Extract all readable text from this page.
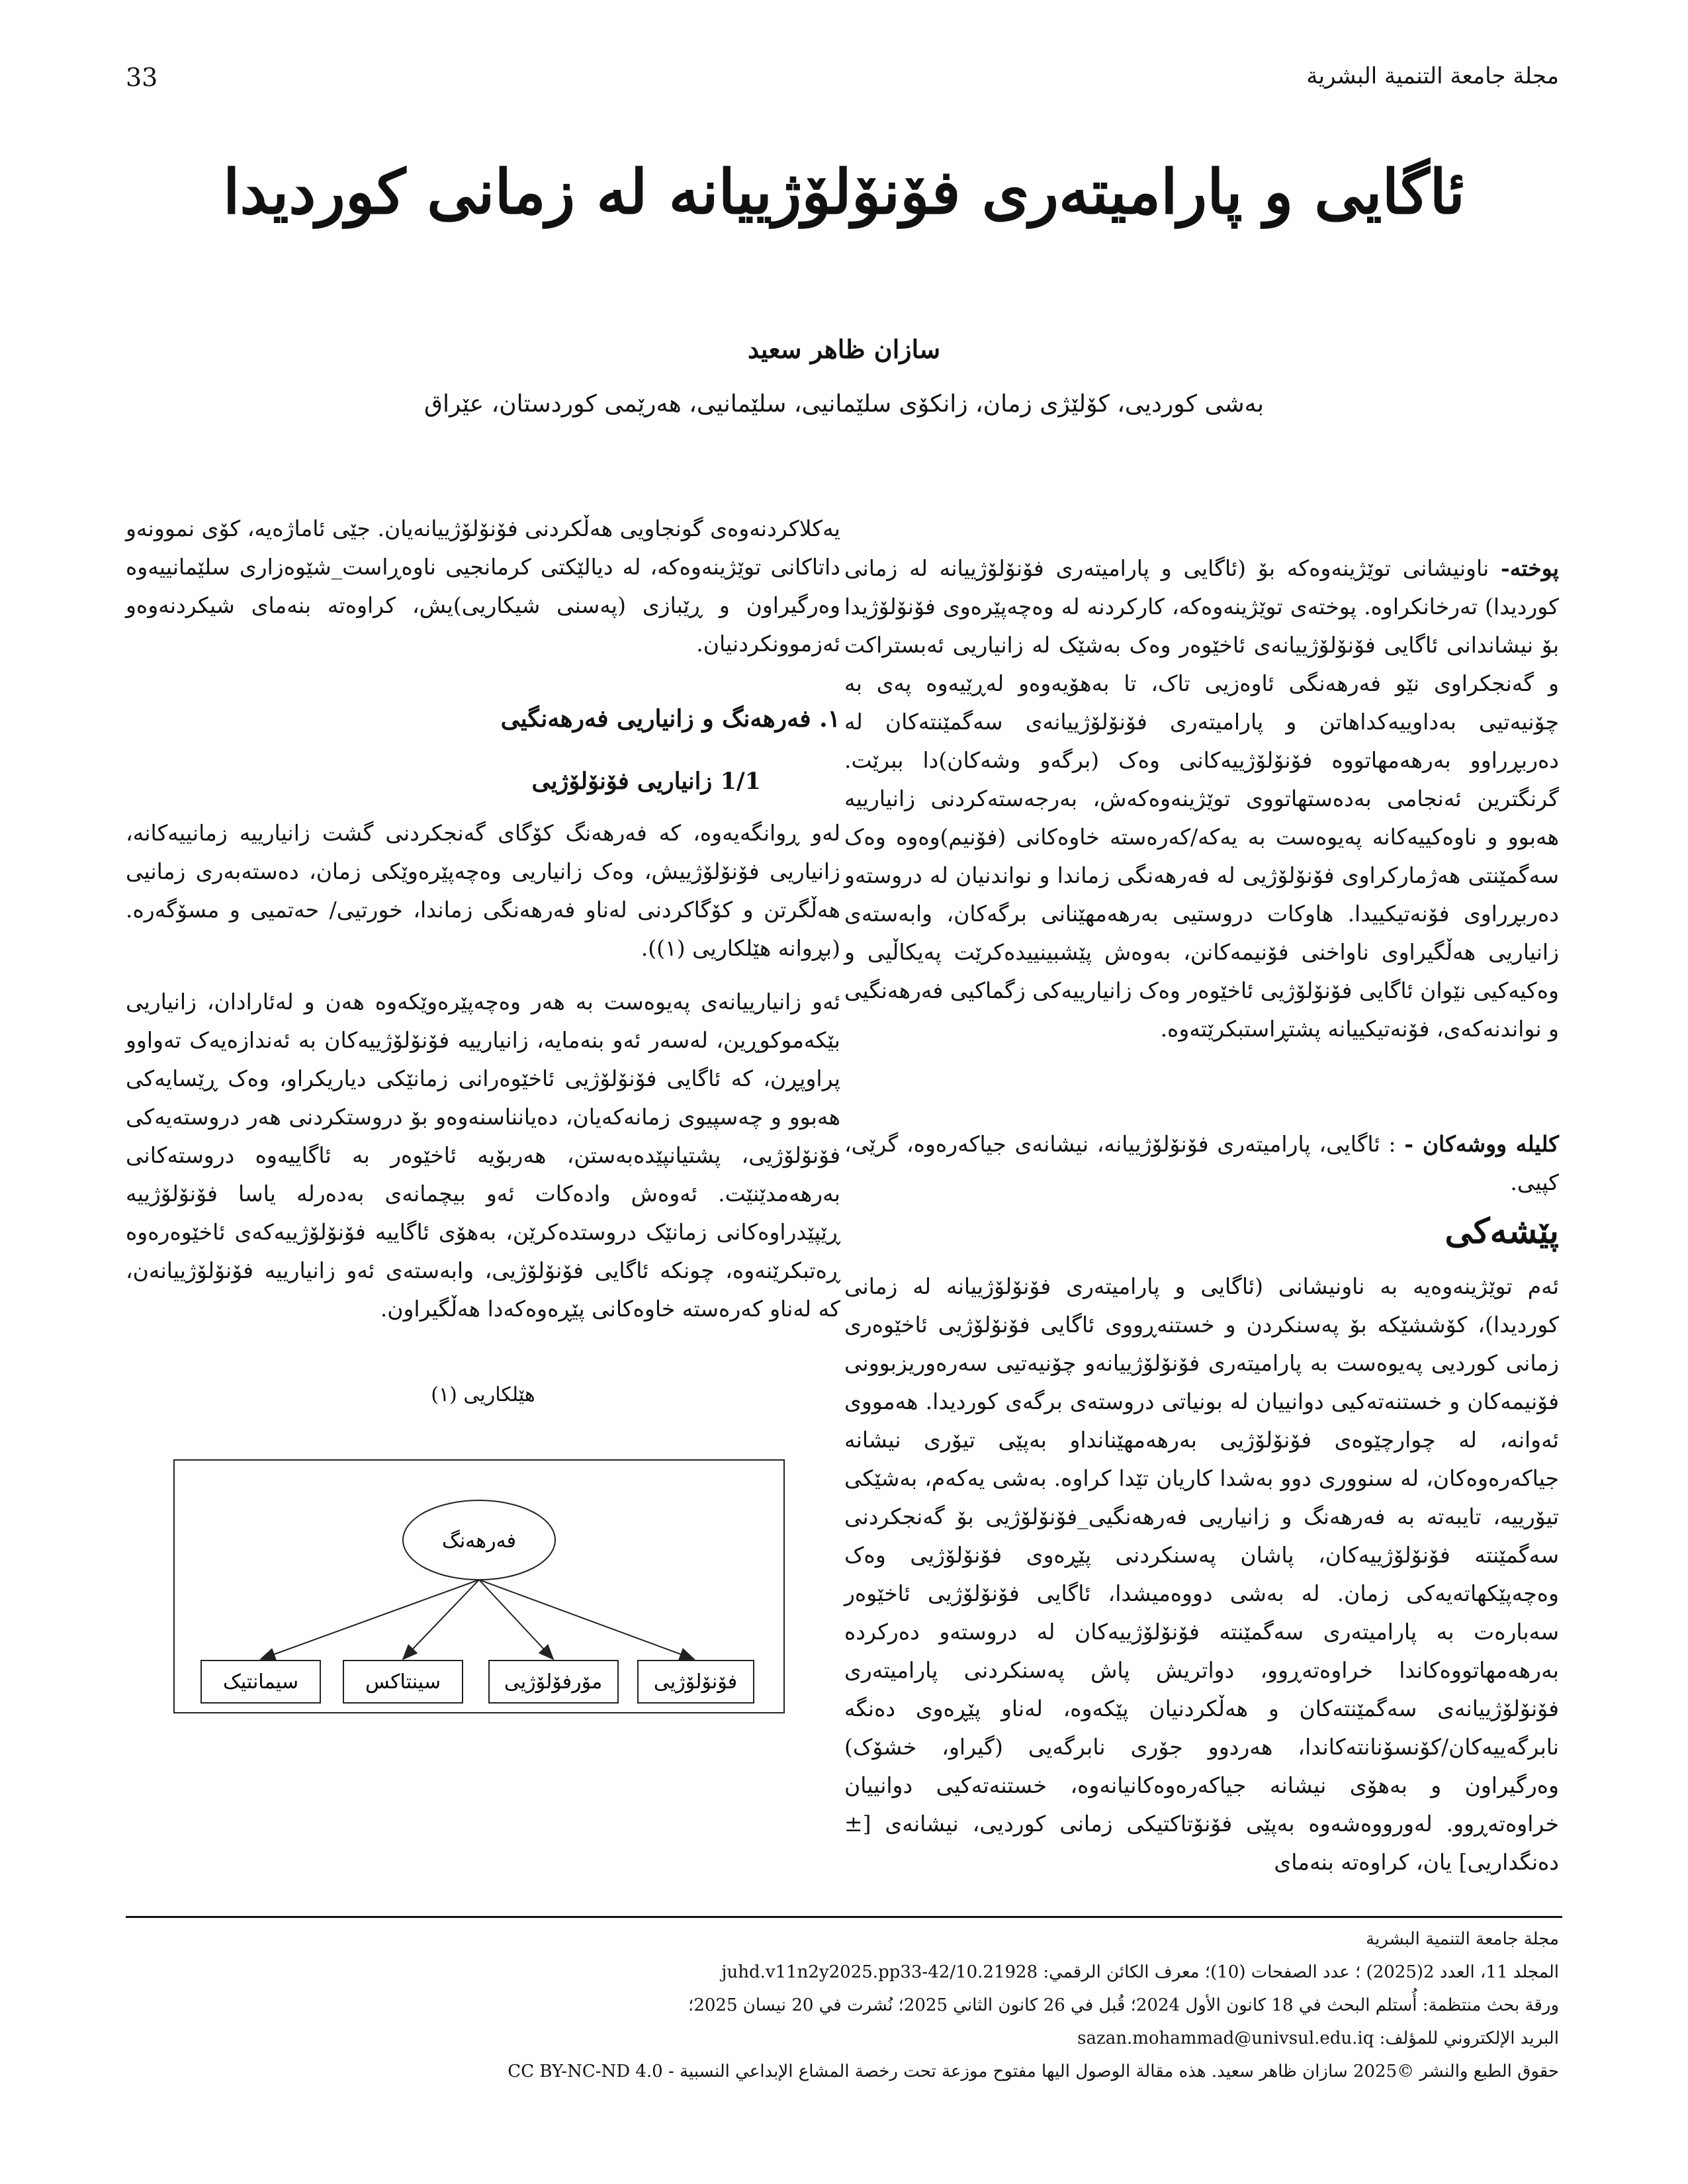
33	مجلة جامعة التنمية البشرية
ئاگایی و پارامیتەری فۆنۆلۆژییانە لە زمانی کوردیدا
سازان ظاهر سعيد
بەشی کوردیی، کۆلێژی زمان، زانکۆی سلێمانیی، سلێمانیی، هەرێمی کوردستان، عێراق

پوختە- ناونیشانی توێژینەوەکە بۆ (ئاگایی و پارامیتەری فۆنۆلۆژییانە لە زمانی کوردیدا) تەرخانکراوە. پوختەی توێژینەوەکە، کارکردنە لە وەچەپێرەوی فۆنۆلۆژیدا بۆ نیشاندانی ئاگایی فۆنۆلۆژییانەی ئاخێوەر وەک بەشێک لە زانیاریی ئەبستراکت و گەنجکراوی نێو فەرهەنگی ئاوەزیی تاک، تا بەهۆیەوەو لەڕێیەوە پەی بە چۆنیەتیی بەداوییەکداهاتن و پارامیتەری فۆنۆلۆژییانەی سەگمێنتەکان لە دەربڕراوو بەرهەمهاتووە فۆنۆلۆژییەکانی وەک (برگەو وشەکان)دا ببرێت. گرنگترین ئەنجامی بەدەستهاتووی توێژینەوەکەش، بەرجەستەکردنی زانیارییە هەبوو و ناوەکییەکانە پەیوەست بە یەکە/کەرەستە خاوەکانی (فۆنیم)وەوە وەک سەگمێنتی هەژمارکراوی فۆنۆلۆژیی لە فەرهەنگی زماندا و نواندنیان لە دروستەو دەربڕراوی فۆنەتیکییدا. هاوکات دروستیی بەرهەمهێنانی برگەکان، وابەستەی زانیاریی هەڵگیراوی ناواخنی فۆنیمەکانن، بەوەش پێشبینییدەکرێت پەیکاڵیی و وەکیەکیی نێوان ئاگایی فۆنۆلۆژیی ئاخێوەر وەک زانیارییەکی زگماکیی فەرهەنگیی و نواندنەکەی، فۆنەتیکییانە پشتڕاستبکرێتەوە.

کلیلە ووشەکان - : ئاگایی، پارامیتەری فۆنۆلۆژییانە، نیشانەی جیاکەرەوە، گرێی، کپیی.

پێشەکی

ئەم توێژینەوەیە بە ناونیشانی (ئاگایی و پارامیتەری فۆنۆلۆژییانە لە زمانی کوردیدا)، کۆششێکە بۆ پەسنکردن و خستنەڕووی ئاگایی فۆنۆلۆژیی ئاخێوەری زمانی کوردیی پەیوەست بە پارامیتەری فۆنۆلۆژییانەو چۆنیەتیی سەرەوریزبوونی فۆنیمەکان و خستنەتەکیی دوانییان لە بونیاتی دروستەی برگەی کوردیدا. هەمووی ئەوانە، لە چوارچێوەی فۆنۆلۆژیی بەرهەمهێنانداو بەپێی تیۆری نیشانە جیاکەرەوەکان، لە سنووری دوو بەشدا کاریان تێدا کراوە. بەشی یەکەم، بەشێکی تیۆرییە، تایبەتە بە فەرهەنگ و زانیاریی فەرهەنگیی_فۆنۆلۆژیی بۆ گەنجکردنی سەگمێنتە فۆنۆلۆژییەکان، پاشان پەسنکردنی پێڕەوی فۆنۆلۆژیی وەک وەچەپێکهاتەیەکی زمان. لە بەشی دووەمیشدا، ئاگایی فۆنۆلۆژیی ئاخێوەر سەبارەت بە پارامیتەری سەگمێنتە فۆنۆلۆژییەکان لە دروستەو دەرکردە بەرهەمهاتووەکاندا خراوەتەڕوو، دواتریش پاش پەسنکردنی پارامیتەری فۆنۆلۆژییانەی سەگمێنتەکان و هەڵکردنیان پێکەوە، لەناو پێڕەوی دەنگە نابرگەییەکان/کۆنسۆنانتەکاندا، هەردوو جۆری نابرگەیی (گیراو، خشۆک) وەرگیراون و بەهۆی نیشانە جیاکەرەوەکانیانەوە، خستنەتەکیی دوانییان خراوەتەڕوو. لەورووەشەوە بەپێی فۆنۆتاکتیکی زمانی کوردیی، نیشانەی [± دەنگداریی] یان، کراوەتە بنەمای

یەکلاکردنەوەی گونجاویی هەڵکردنی فۆنۆلۆژییانەیان. جێی ئاماژەیە، کۆی نموونەو داتاکانی توێژینەوەکە، لە دیالێکتی کرمانجیی ناوەڕاست_شێوەزاری سلێمانییەوە وەرگیراون و ڕێبازی (پەسنی شیکاریی)یش، کراوەتە بنەمای شیکردنەوەو ئەزموونکردنیان.

١. فەرهەنگ و زانیاریی فەرهەنگیی
1/1 زانیاریی فۆنۆلۆژیی

لەو ڕوانگەیەوە، کە فەرهەنگ کۆگای گەنجکردنی گشت زانیارییە زمانییەکانە، زانیاریی فۆنۆلۆژییش، وەک زانیاریی وەچەپێرەوێکی زمان، دەستەبەری زمانیی هەڵگرتن و کۆگاکردنی لەناو فەرهەنگی زماندا، خورتیی/ حەتمیی و مسۆگەرە. (بڕوانە هێلکاریی (١)).

ئەو زانیارییانەی پەیوەست بە هەر وەچەپێرەوێکەوە هەن و لەئارادان، زانیاریی بێکەموکوڕین، لەسەر ئەو بنەمایە، زانیارییە فۆنۆلۆژییەکان بە ئەندازەیەک تەواوو پراوپڕن، کە ئاگایی فۆنۆلۆژیی ئاخێوەرانی زمانێکی دیاریکراو، وەک ڕێسایەکی هەبوو و چەسپیوی زمانەکەیان، دەیانناسنەوەو بۆ دروستکردنی هەر دروستەیەکی فۆنۆلۆژیی، پشتیانپێدەبەستن، هەربۆیە ئاخێوەر بە ئاگاییەوە دروستەکانی بەرهەمدێنێت. ئەوەش وادەکات ئەو بیچمانەی بەدەرلە یاسا فۆنۆلۆژییە ڕێپێدراوەکانی زمانێک دروستدەکرێن، بەهۆی ئاگاییە فۆنۆلۆژییەکەی ئاخێوەرەوە ڕەتبکرێنەوە، چونکە ئاگایی فۆنۆلۆژیی، وابەستەی ئەو زانیارییە فۆنۆلۆژییانەن، کە لەناو کەرەستە خاوەکانی پێڕەوەکەدا هەڵگیراون.

هێلکاریی (١)
فەرهەنگ
سیمانتیک	سینتاکس	مۆرفۆلۆژیی	فۆنۆلۆژیی
مجلة جامعة التنمية البشرية
المجلد 11، العدد 2(2025) ؛ عدد الصفحات (10)؛ معرف الكائن الرقمي: 10.21928/juhd.v11n2y2025.pp33-42
ورقة بحث منتظمة: أُستلم البحث في 18 كانون الأول 2024؛ قُبل في 26 كانون الثاني 2025؛ نُشرت في 20 نيسان 2025؛
البريد الإلكتروني للمؤلف: sazan.mohammad@univsul.edu.iq
حقوق الطبع والنشر ©2025 سازان ظاهر سعيد. هذه مقالة الوصول اليها مفتوح موزعة تحت رخصة المشاع الإبداعي النسبية - CC BY-NC-ND 4.0
